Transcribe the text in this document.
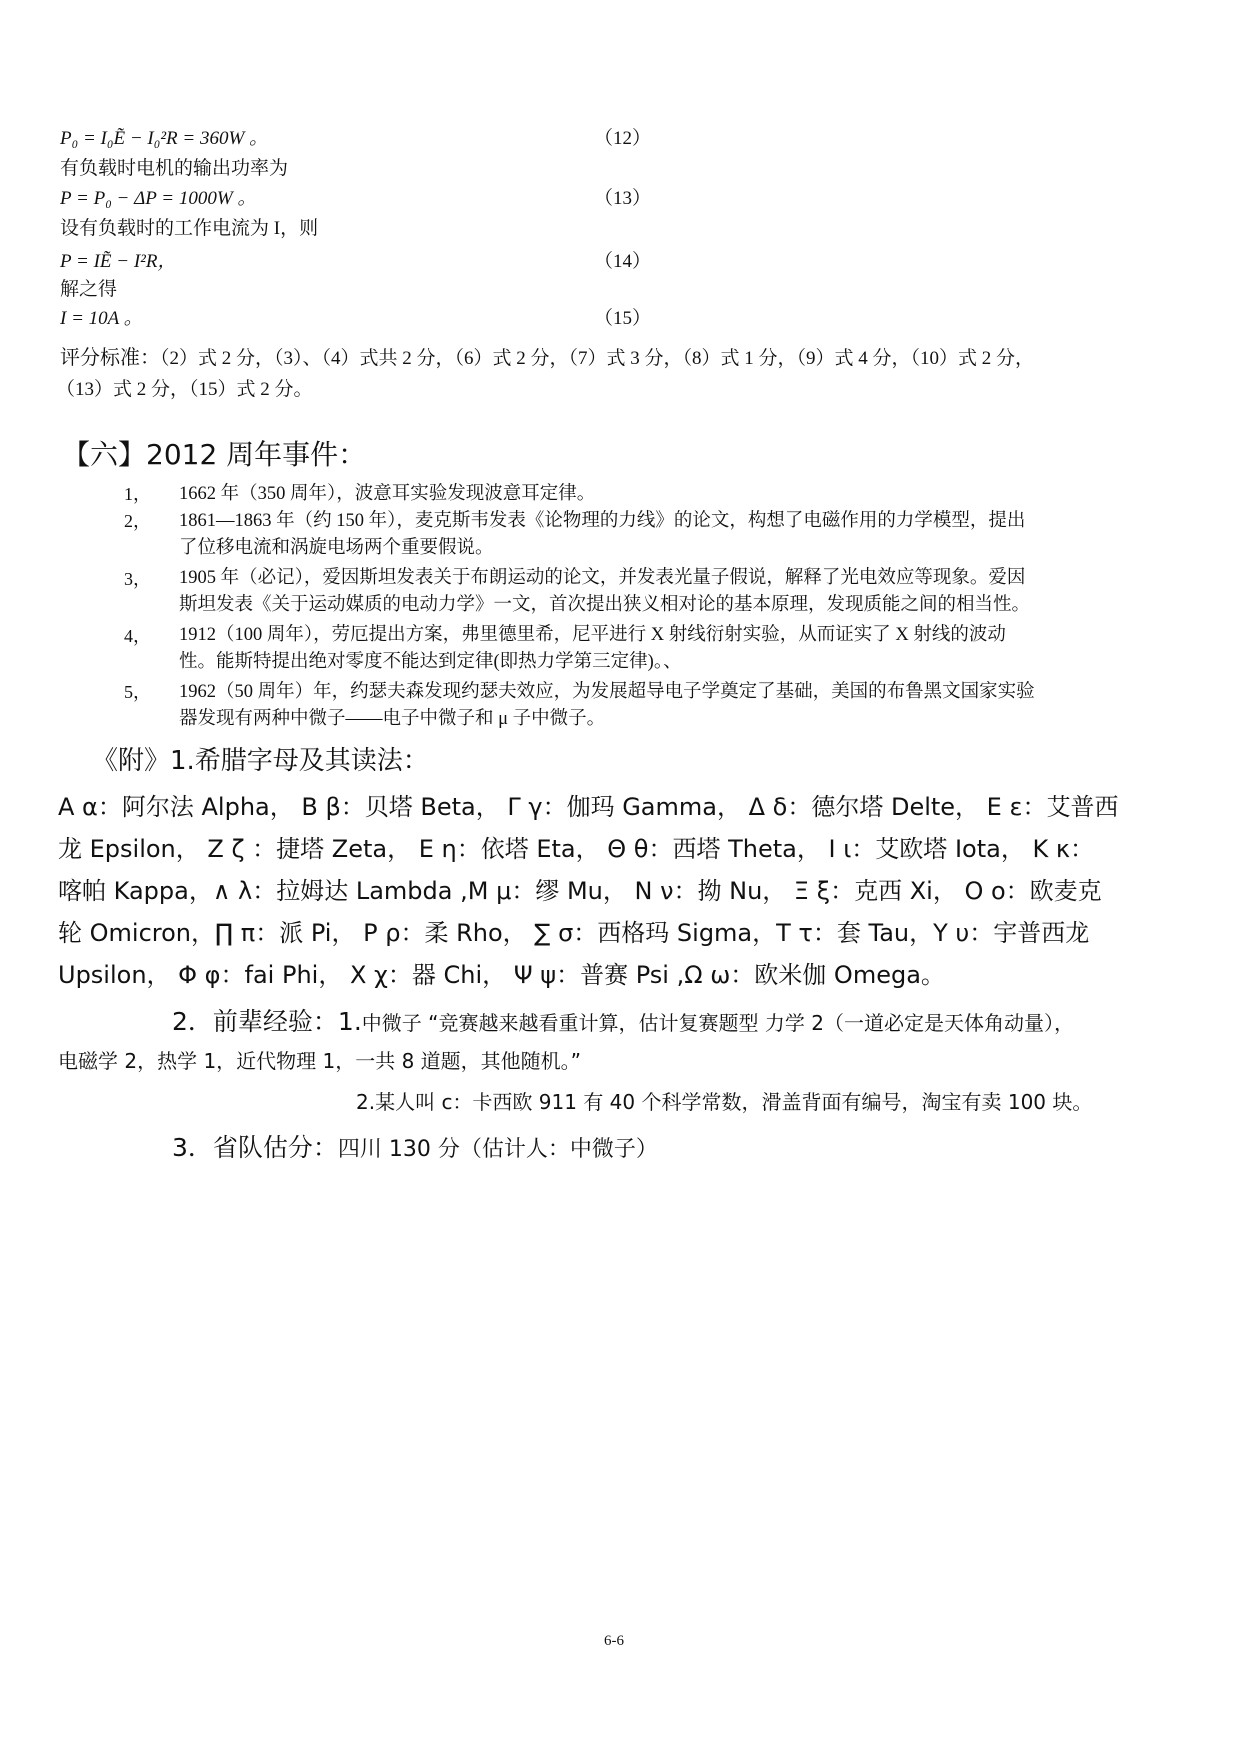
P₀ = I₀Ẽ − I₀²R = 360W 。	（12）
有负载时电机的输出功率为
P = P₀ − ΔP = 1000W 。	（13）
设有负载时的工作电流为 I，则
P = IẼ − I²R，	（14）
解之得
I = 10A 。	（15）
评分标准：（2）式 2 分，（3）、（4）式共 2 分，（6）式 2 分，（7）式 3 分，（8）式 1 分，（9）式 4 分，（10）式 2 分，
（13）式 2 分，（15）式 2 分。
【六】2012 周年事件：
1， 1662 年（350 周年），波意耳实验发现波意耳定律。
2， 1861—1863 年（约 150 年），麦克斯韦发表《论物理的力线》的论文，构想了电磁作用的力学模型，提出
了位移电流和涡旋电场两个重要假说。
3， 1905 年（必记），爱因斯坦发表关于布朗运动的论文，并发表光量子假说，解释了光电效应等现象。爱因
斯坦发表《关于运动媒质的电动力学》一文，首次提出狭义相对论的基本原理，发现质能之间的相当性。
4， 1912（100 周年），劳厄提出方案，弗里德里希，尼平进行 X 射线衍射实验，从而证实了 X 射线的波动
性。能斯特提出绝对零度不能达到定律(即热力学第三定律)。、
5， 1962（50 周年）年，约瑟夫森发现约瑟夫效应，为发展超导电子学奠定了基础，美国的布鲁黑文国家实验
器发现有两种中微子——电子中微子和 μ 子中微子。
《附》1.希腊字母及其读法：
Α α：阿尔法 Alpha， Β β：贝塔 Beta， Γ γ：伽玛 Gamma， Δ δ：德尔塔 Delte， Ε ε：艾普西
龙 Epsilon， Ζ ζ ：捷塔 Zeta， Ε η：依塔 Eta， Θ θ：西塔 Theta， Ι ι：艾欧塔 Iota， Κ κ：
喀帕 Kappa，∧ λ：拉姆达 Lambda ,Μ μ：缪 Mu， Ν ν：拗 Nu， Ξ ξ：克西 Xi， Ο ο：欧麦克
轮 Omicron，∏ π：派 Pi， Ρ ρ：柔 Rho， ∑ σ：西格玛 Sigma，Τ τ：套 Tau，Υ υ：宇普西龙
Upsilon， Φ φ：fai Phi， Χ χ：器 Chi， Ψ ψ：普赛 Psi ,Ω ω：欧米伽 Omega。
2．前辈经验：1.中微子 “竞赛越来越看重计算，估计复赛题型 力学 2（一道必定是天体角动量），
电磁学 2，热学 1，近代物理 1，一共 8 道题，其他随机。”
2.某人叫 c：卡西欧 911 有 40 个科学常数，滑盖背面有编号，淘宝有卖 100 块。
3．省队估分：四川 130 分（估计人：中微子）
6-6
